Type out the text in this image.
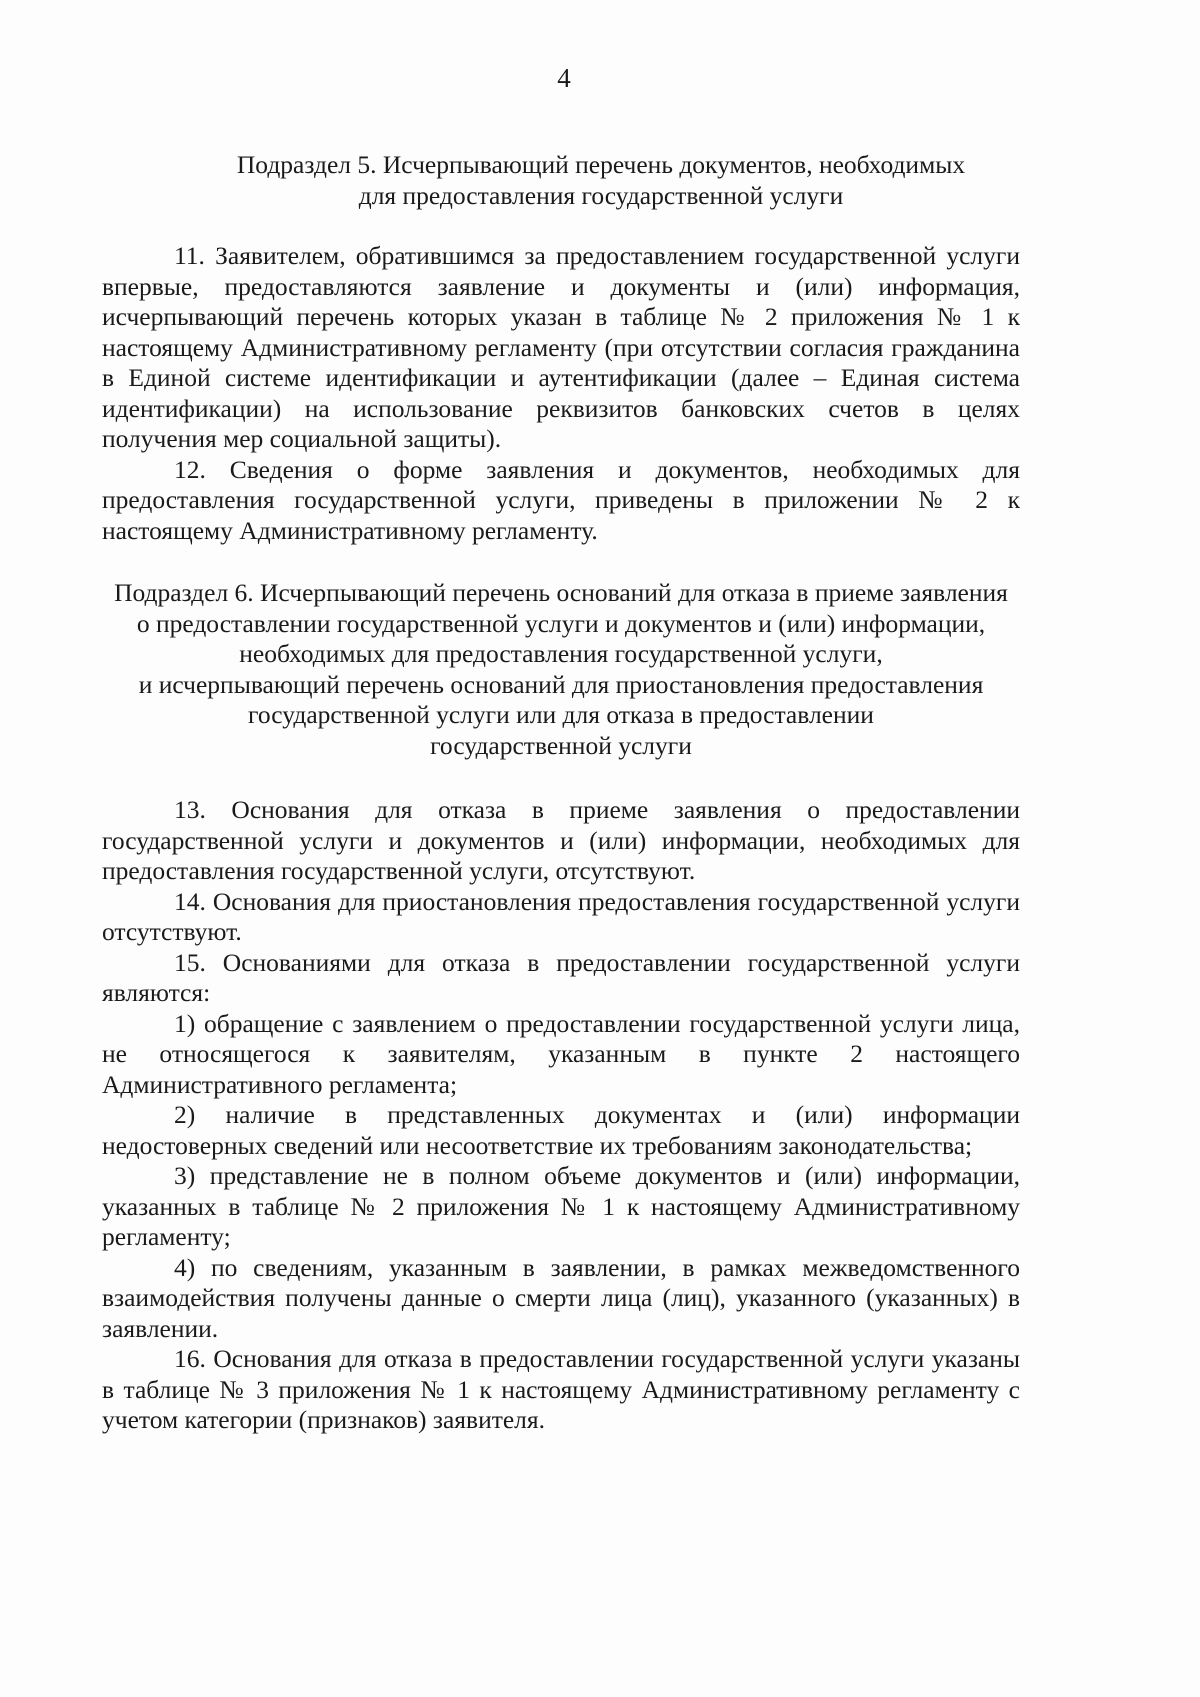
4
Подраздел 5. Исчерпывающий перечень документов, необходимых
для предоставления государственной услуги

11. Заявителем, обратившимся за предоставлением государственной услуги впервые, предоставляются заявление и документы и (или) информация, исчерпывающий перечень которых указан в таблице № 2 приложения № 1 к настоящему Административному регламенту (при отсутствии согласия гражданина в Единой системе идентификации и аутентификации (далее – Единая система идентификации) на использование реквизитов банковских счетов в целях получения мер социальной защиты).

12. Сведения о форме заявления и документов, необходимых для предоставления государственной услуги, приведены в приложении № 2 к настоящему Административному регламенту.

Подраздел 6. Исчерпывающий перечень оснований для отказа в приеме заявления
о предоставлении государственной услуги и документов и (или) информации,
необходимых для предоставления государственной услуги,
и исчерпывающий перечень оснований для приостановления предоставления
государственной услуги или для отказа в предоставлении
государственной услуги

13. Основания для отказа в приеме заявления о предоставлении государственной услуги и документов и (или) информации, необходимых для предоставления государственной услуги, отсутствуют.

14. Основания для приостановления предоставления государственной услуги отсутствуют.

15. Основаниями для отказа в предоставлении государственной услуги являются:

1) обращение с заявлением о предоставлении государственной услуги лица, не относящегося к заявителям, указанным в пункте 2 настоящего Административного регламента;

2) наличие в представленных документах и (или) информации недостоверных сведений или несоответствие их требованиям законодательства;

3) представление не в полном объеме документов и (или) информации, указанных в таблице № 2 приложения № 1 к настоящему Административному регламенту;

4) по сведениям, указанным в заявлении, в рамках межведомственного взаимодействия получены данные о смерти лица (лиц), указанного (указанных) в заявлении.

16. Основания для отказа в предоставлении государственной услуги указаны в таблице № 3 приложения № 1 к настоящему Административному регламенту с учетом категории (признаков) заявителя.
